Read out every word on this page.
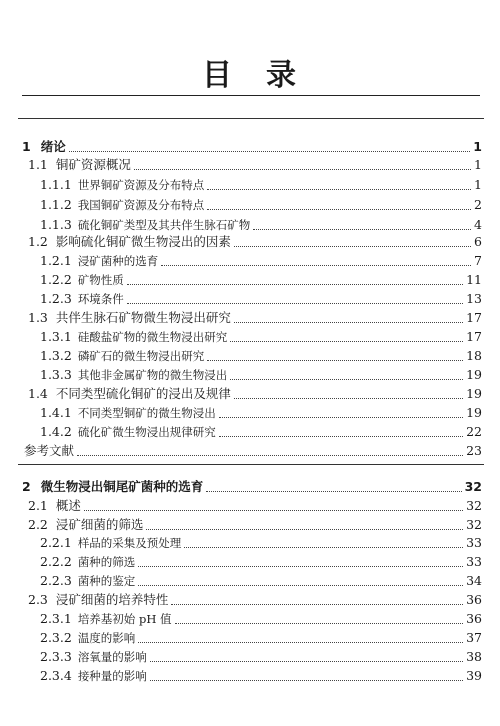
目　录
1 绪论	1
1.1 铜矿资源概况	1
1.1.1 世界铜矿资源及分布特点	1
1.1.2 我国铜矿资源及分布特点	2
1.1.3 硫化铜矿类型及其共伴生脉石矿物	4
1.2 影响硫化铜矿微生物浸出的因素	6
1.2.1 浸矿菌种的选育	7
1.2.2 矿物性质	11
1.2.3 环境条件	13
1.3 共伴生脉石矿物微生物浸出研究	17
1.3.1 硅酸盐矿物的微生物浸出研究	17
1.3.2 磷矿石的微生物浸出研究	18
1.3.3 其他非金属矿物的微生物浸出	19
1.4 不同类型硫化铜矿的浸出及规律	19
1.4.1 不同类型铜矿的微生物浸出	19
1.4.2 硫化矿微生物浸出规律研究	22
参考文献	23
2 微生物浸出铜尾矿菌种的选育	32
2.1 概述	32
2.2 浸矿细菌的筛选	32
2.2.1 样品的采集及预处理	33
2.2.2 菌种的筛选	33
2.2.3 菌种的鉴定	34
2.3 浸矿细菌的培养特性	36
2.3.1 培养基初始 pH 值	36
2.3.2 温度的影响	37
2.3.3 溶氧量的影响	38
2.3.4 接种量的影响	39
